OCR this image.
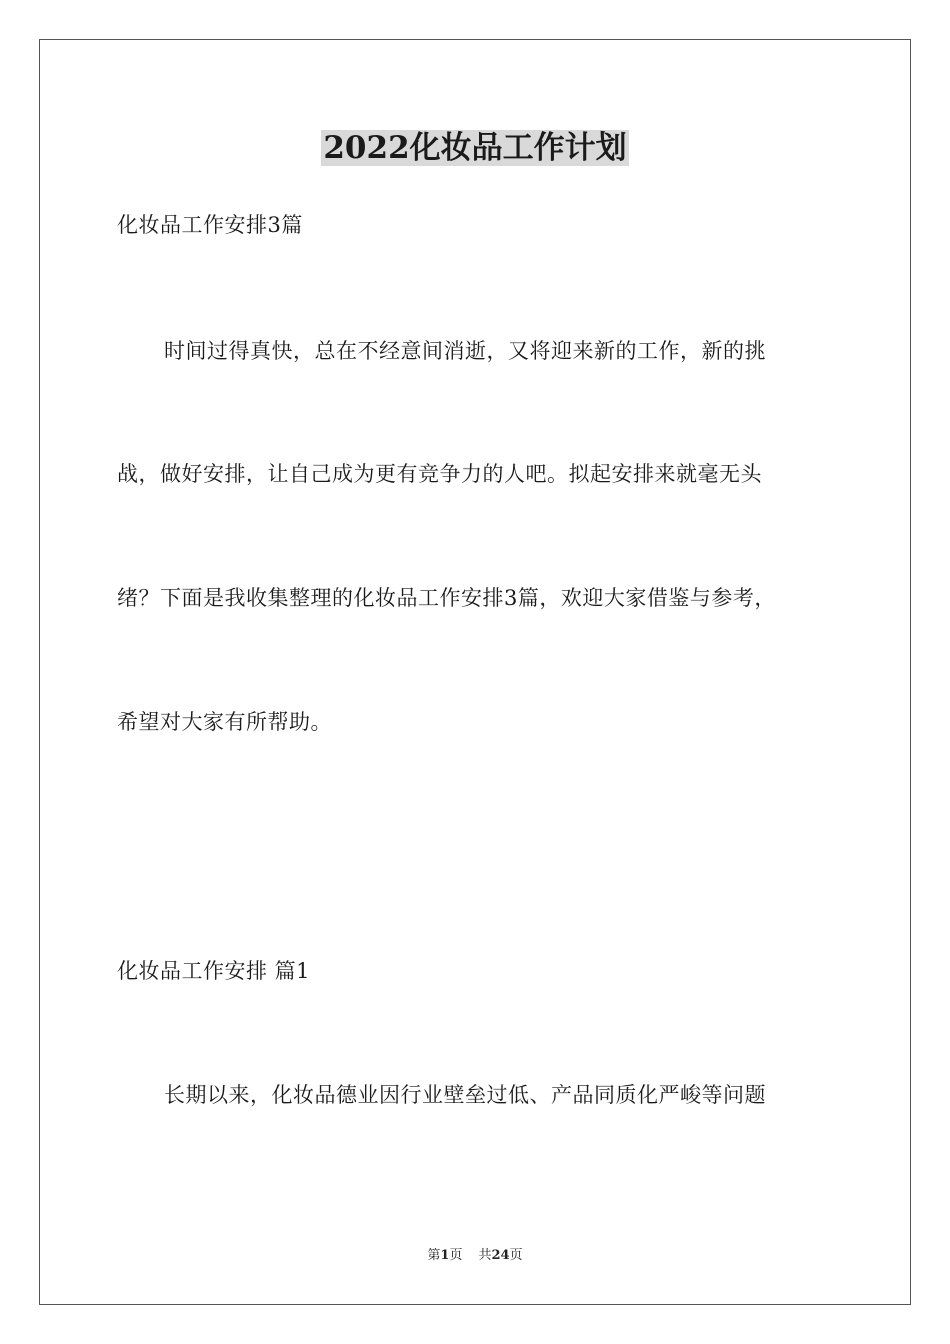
2022化妆品工作计划
化妆品工作安排3篇
时间过得真快，总在不经意间消逝，又将迎来新的工作，新的挑
战，做好安排，让自己成为更有竞争力的人吧。拟起安排来就毫无头
绪？下面是我收集整理的化妆品工作安排3篇，欢迎大家借鉴与参考，
希望对大家有所帮助。
化妆品工作安排 篇1
长期以来，化妆品德业因行业壁垒过低、产品同质化严峻等问题
第1页 共24页
